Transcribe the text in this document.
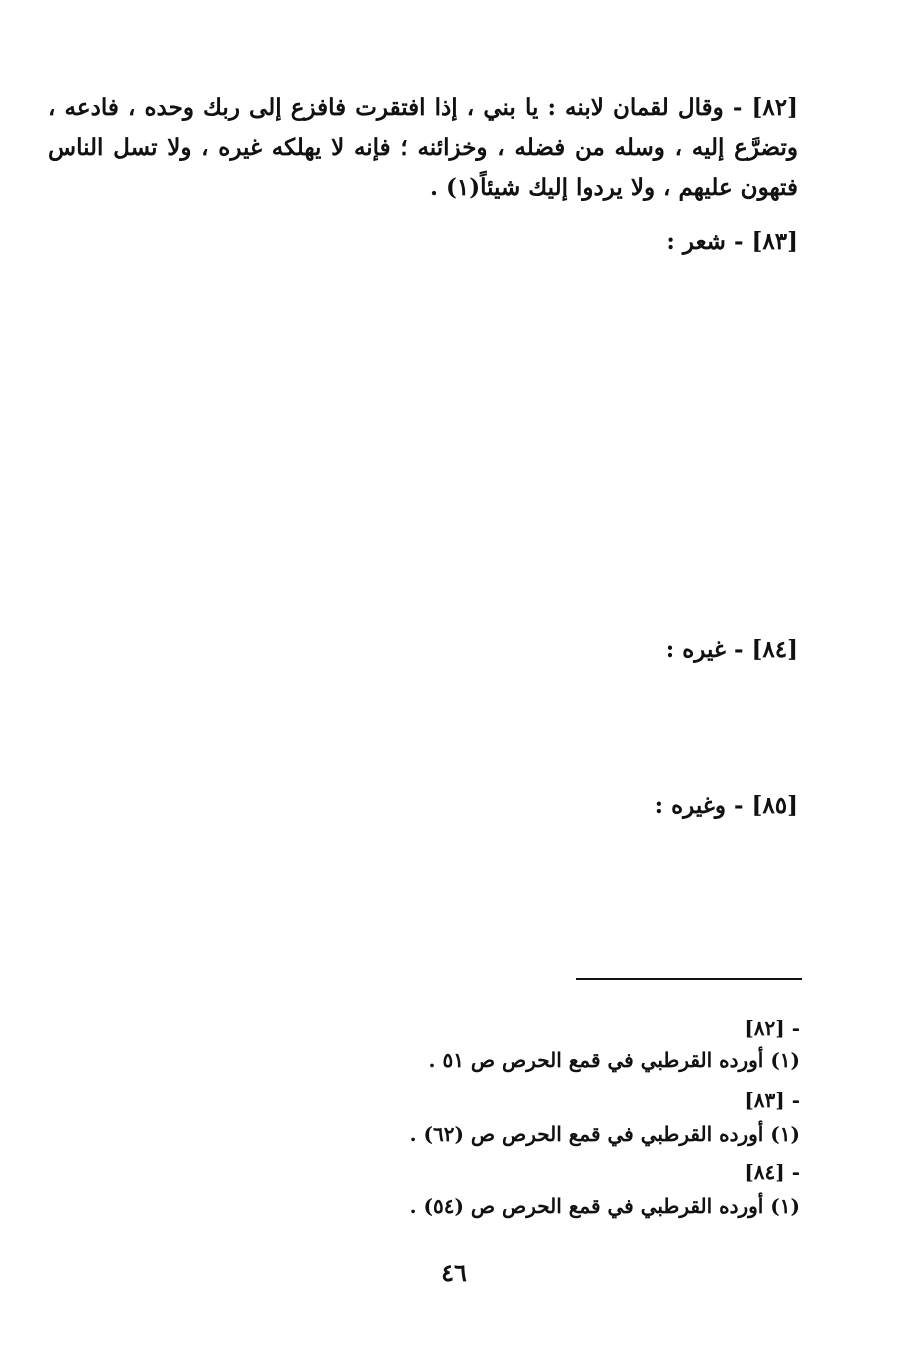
[٨٢] - وقال لقمان لابنه : يا بني ، إذا افتقرت فافزع إلى ربك وحده ، فادعه ، وتضرَّع إليه ، وسله من فضله ، وخزائنه ؛ فإنه لا يهلكه غيره ، ولا تسل الناس فتهون عليهم ، ولا يردوا إليك شيئاً(١) .
[٨٣] - شعر :
[٨٤] - غيره :
[٨٥] - وغيره :
[٨٢] -
(١) أورده القرطبي في قمع الحرص ص ٥١ .
[٨٣] -
(١) أورده القرطبي في قمع الحرص ص (٦٢) .
[٨٤] -
(١) أورده القرطبي في قمع الحرص ص (٥٤) .
٤٦
